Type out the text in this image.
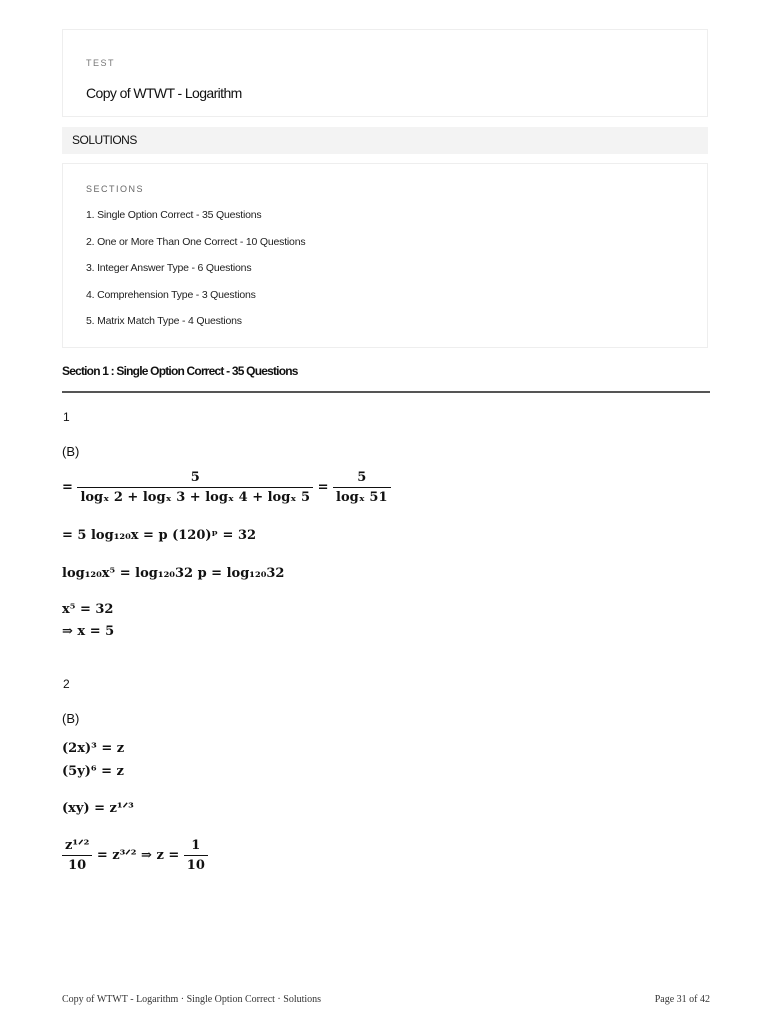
TEST
Copy of WTWT - Logarithm
SOLUTIONS
SECTIONS
1. Single Option Correct - 35 Questions
2. One or More Than One Correct - 10 Questions
3. Integer Answer Type - 6 Questions
4. Comprehension Type - 3 Questions
5. Matrix Match Type - 4 Questions
Section 1 : Single Option Correct - 35 Questions
1
(B)
= $\frac{5}{\text{logₓ 2 + logₓ 3 + logₓ 4 + logₓ 5}} = \frac{5}{\text{logₓ 51}}$
= 5 log₁₂₀x = p (120)ᵖ = 32
log₁₂₀x⁵ = log₁₂₀32 p = log₁₂₀32
x⁵ = 32
⇒ x = 5
2
(B)
(2x)³ = z
(5y)⁶ = z
(xy) = z¹ᐟ³
$\frac{\text{z¹ᐟ²}}{10}$ = z³ᐟ² ⇒ $z = \frac{1}{10}$
Copy of WTWT - Logarithm · Single Option Correct · Solutions	Page 31 of 42
